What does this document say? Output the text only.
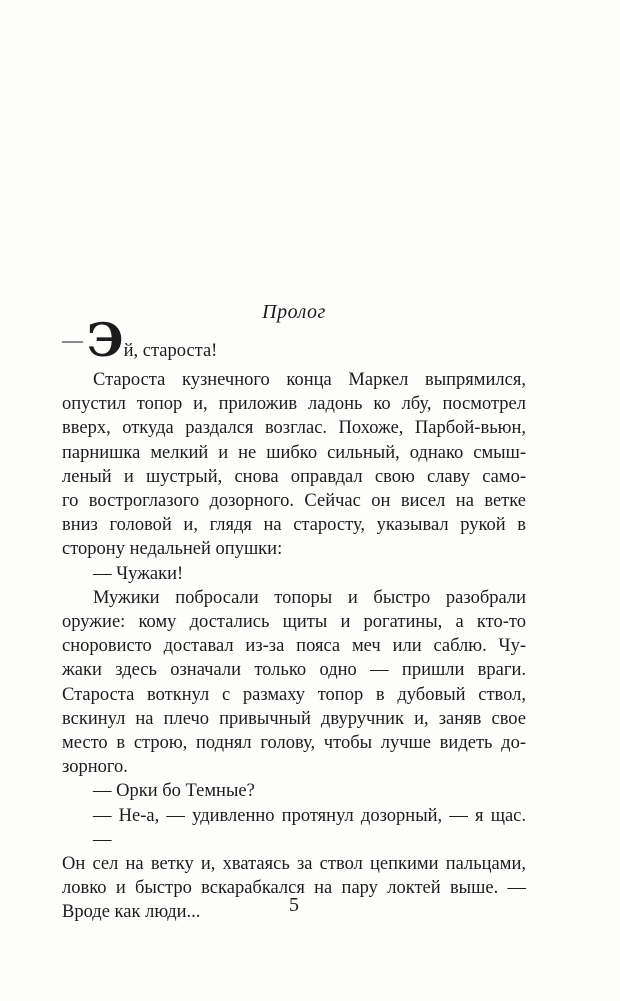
Пролог
— Э й, староста!
Староста кузнечного конца Маркел выпрямился,
опустил топор и, приложив ладонь ко лбу, посмотрел
вверх, откуда раздался возглас. Похоже, Парбой-вьюн,
парнишка мелкий и не шибко сильный, однако смыш-
леный и шустрый, снова оправдал свою славу само-
го востроглазого дозорного. Сейчас он висел на ветке
вниз головой и, глядя на старосту, указывал рукой в
сторону недальней опушки:
— Чужаки!
Мужики побросали топоры и быстро разобрали
оружие: кому достались щиты и рогатины, а кто-то
сноровисто доставал из-за пояса меч или саблю. Чу-
жаки здесь означали только одно — пришли враги.
Староста воткнул с размаху топор в дубовый ствол,
вскинул на плечо привычный двуручник и, заняв свое
место в строю, поднял голову, чтобы лучше видеть до-
зорного.
— Орки бо Темные?
— Не-а, — удивленно протянул дозорный, — я щас. —
Он сел на ветку и, хватаясь за ствол цепкими пальцами,
ловко и быстро вскарабкался на пару локтей выше. —
Вроде как люди...	5
